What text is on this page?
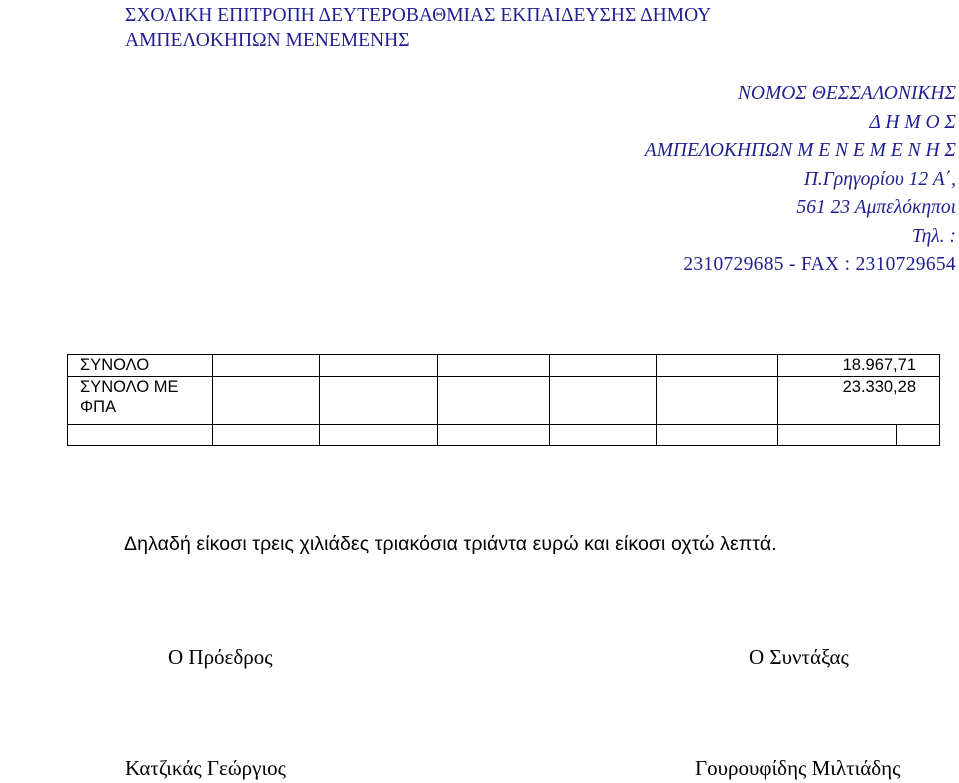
ΣΧΟΛΙΚΗ ΕΠΙΤΡΟΠΗ ΔΕΥΤΕΡΟΒΑΘΜΙΑΣ ΕΚΠΑΙΔΕΥΣΗΣ ΔΗΜΟΥ
ΑΜΠΕΛΟΚΗΠΩΝ ΜΕΝΕΜΕΝΗΣ
ΝΟΜΟΣ ΘΕΣΣΑΛΟΝΙΚΗΣ
Δ Η Μ Ο Σ
ΑΜΠΕΛΟΚΗΠΩΝ Μ Ε Ν Ε Μ Ε Ν Η Σ
Π.Γρηγορίου 12 Α΄,
561 23 Αμπελόκηποι
Τηλ. :
2310729685 - FAX : 2310729654
ΣΥΝΟΛΟ						18.967,71	
ΣΥΝΟΛΟ ΜΕ ΦΠΑ						23.330,28	

Δηλαδή είκοσι τρεις χιλιάδες τριακόσια τριάντα ευρώ και είκοσι οχτώ λεπτά.
Ο Πρόεδρος	Ο Συντάξας
Κατζικάς Γεώργιος	Γουρουφίδης Μιλτιάδης
